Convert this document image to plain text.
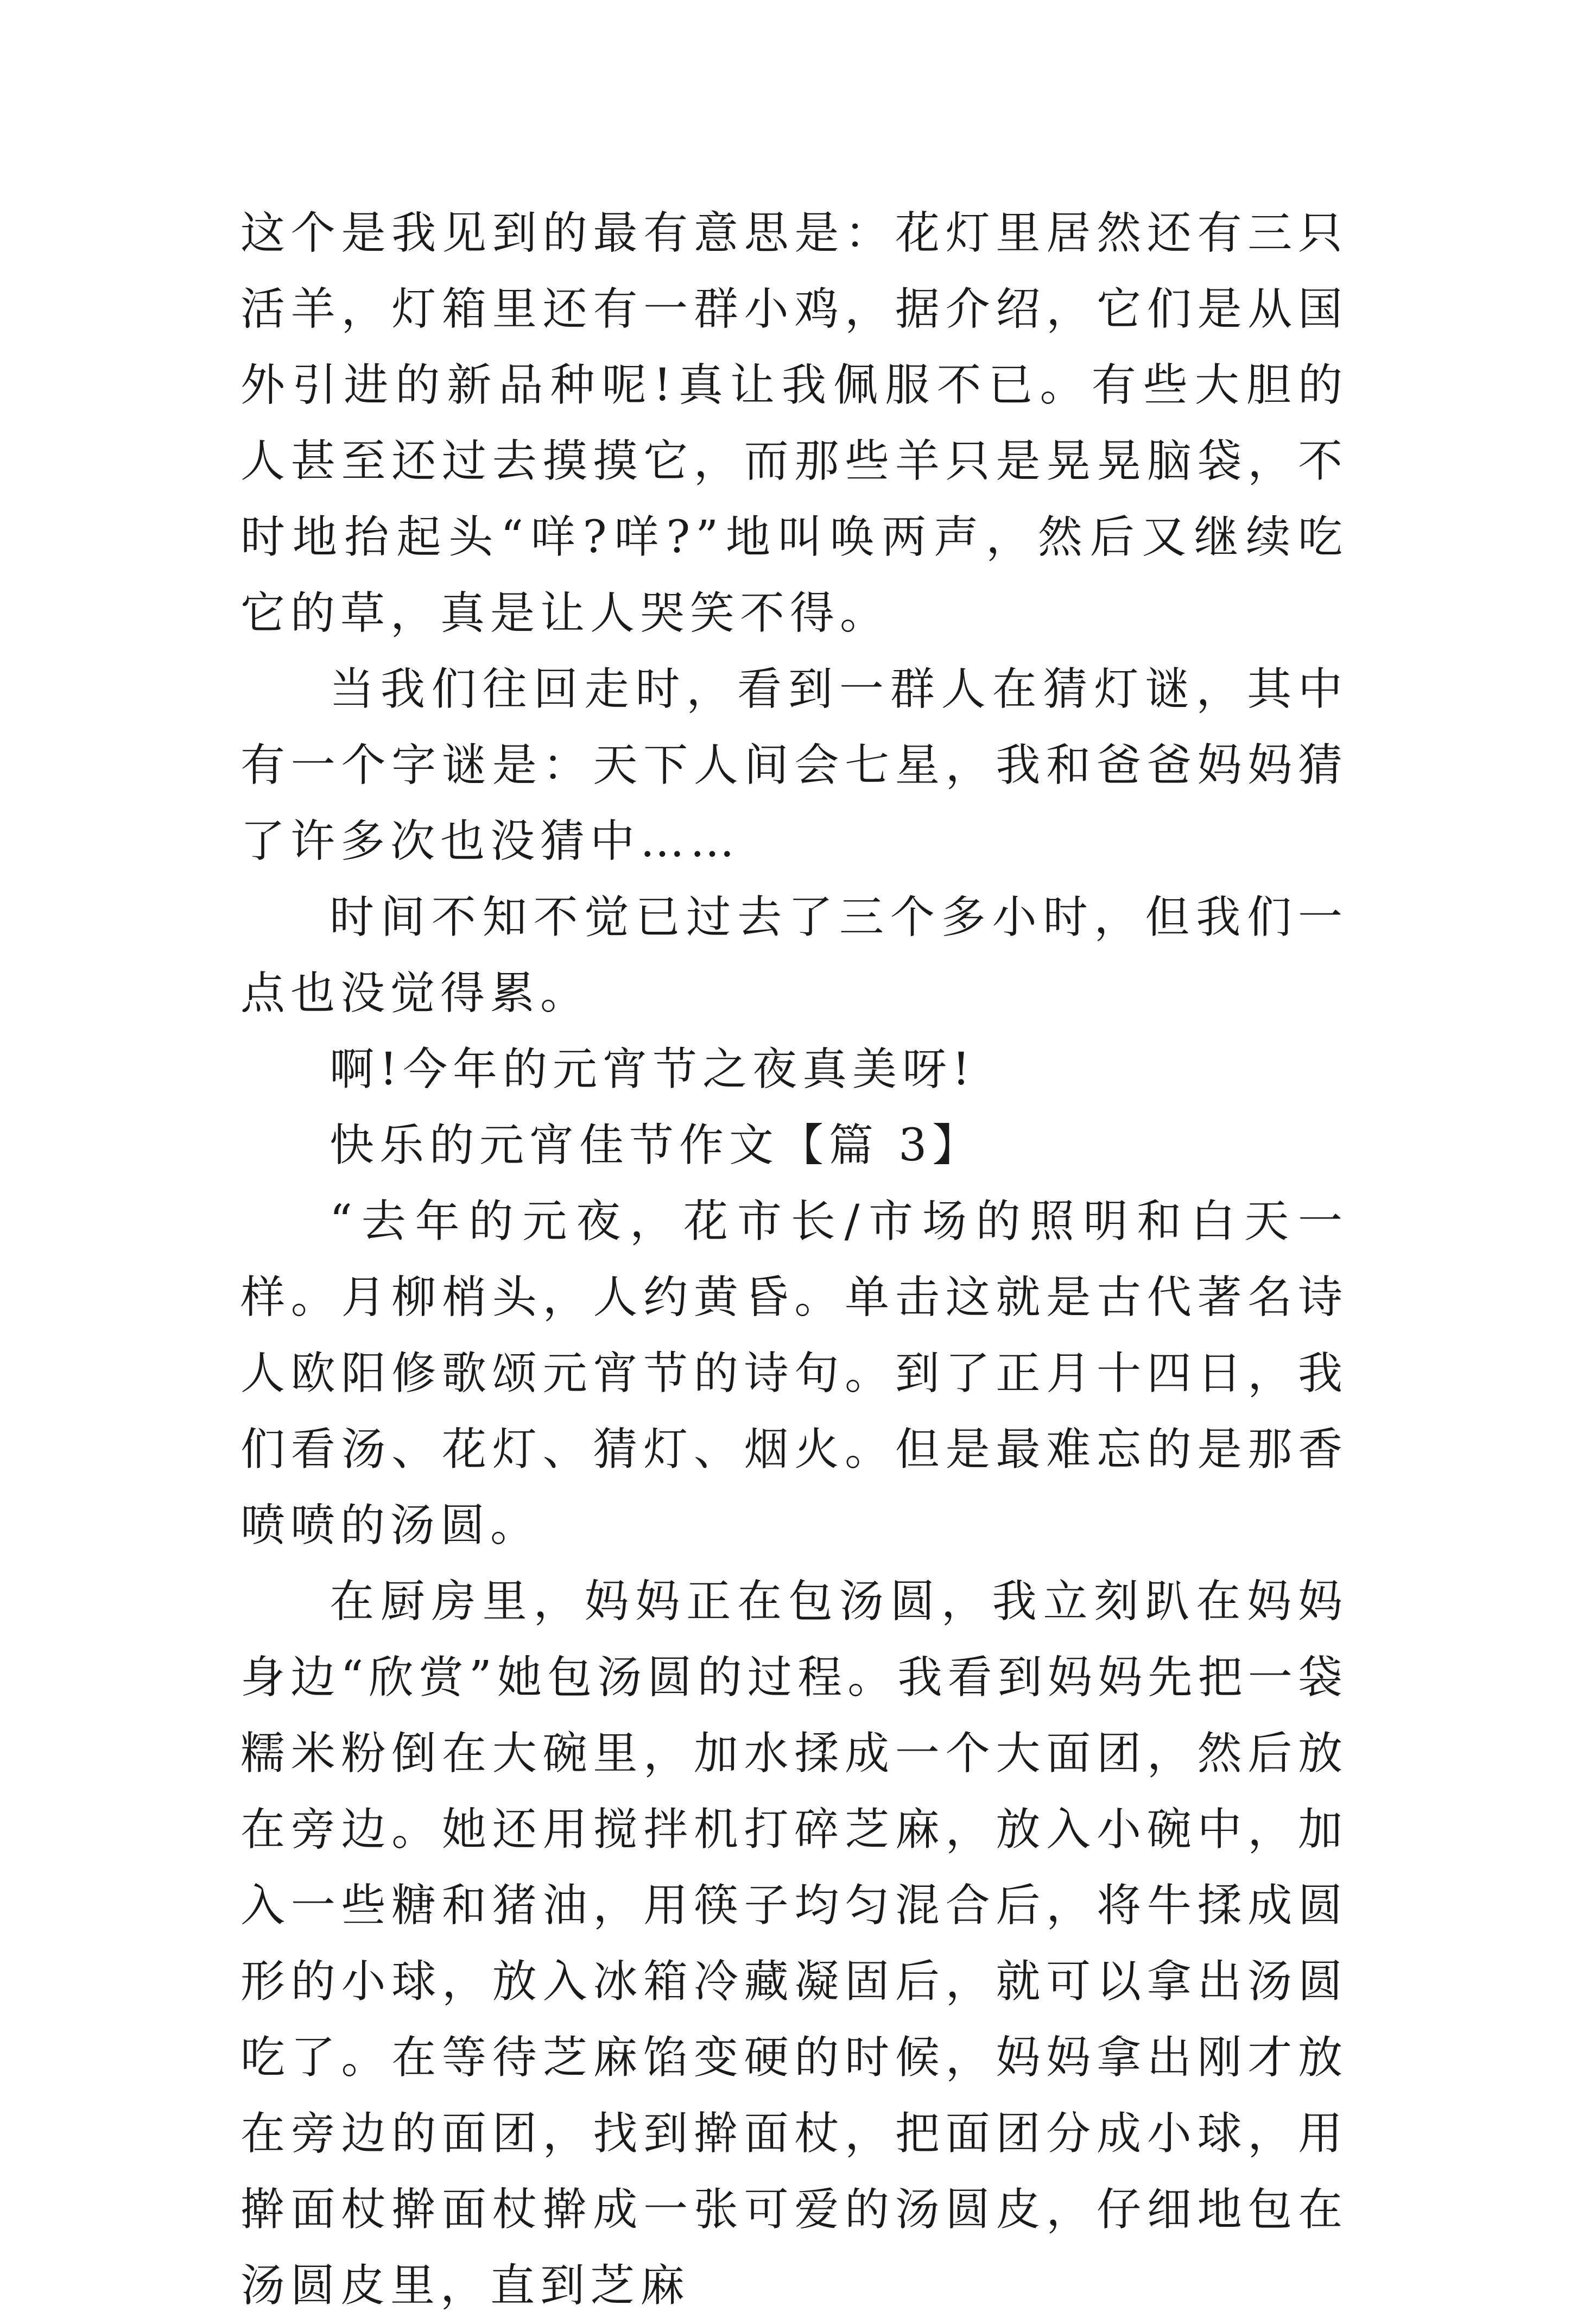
这个是我见到的最有意思是：花灯里居然还有三只活羊，灯箱里还有一群小鸡，据介绍，它们是从国外引进的新品种呢!真让我佩服不已。有些大胆的人甚至还过去摸摸它，而那些羊只是晃晃脑袋，不时地抬起头“咩?咩?”地叫唤两声，然后又继续吃它的草，真是让人哭笑不得。

当我们往回走时，看到一群人在猜灯谜，其中有一个字谜是：天下人间会七星，我和爸爸妈妈猜了许多次也没猜中……

时间不知不觉已过去了三个多小时，但我们一点也没觉得累。

啊!今年的元宵节之夜真美呀!

快乐的元宵佳节作文【篇 3】

“去年的元夜，花市长/市场的照明和白天一样。月柳梢头，人约黄昏。单击这就是古代著名诗人欧阳修歌颂元宵节的诗句。到了正月十四日，我们看汤、花灯、猜灯、烟火。但是最难忘的是那香喷喷的汤圆。

在厨房里，妈妈正在包汤圆，我立刻趴在妈妈身边“欣赏”她包汤圆的过程。我看到妈妈先把一袋糯米粉倒在大碗里，加水揉成一个大面团，然后放在旁边。她还用搅拌机打碎芝麻，放入小碗中，加入一些糖和猪油，用筷子均匀混合后，将牛揉成圆形的小球，放入冰箱冷藏凝固后，就可以拿出汤圆吃了。在等待芝麻馅变硬的时候，妈妈拿出刚才放在旁边的面团，找到擀面杖，把面团分成小球，用擀面杖擀面杖擀成一张可爱的汤圆皮，仔细地包在汤圆皮里，直到芝麻
